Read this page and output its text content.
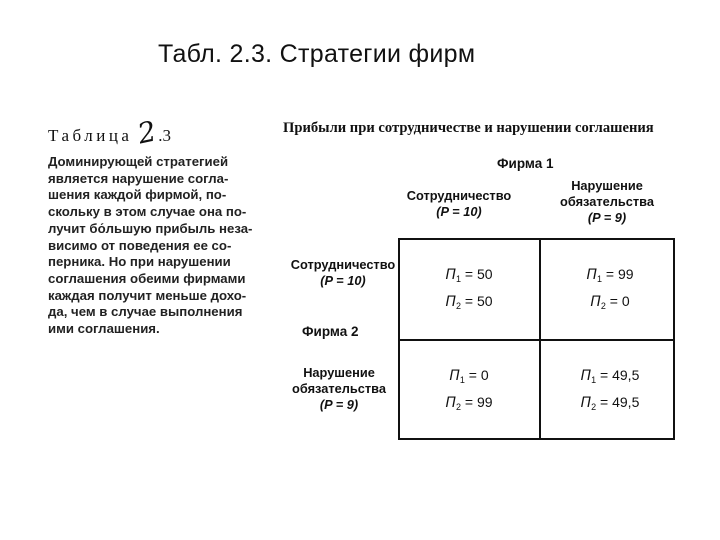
Табл. 2.3. Стратегии фирм
Таблица 2
.3
Доминирующей стратегией
является нарушение согла-
шения каждой фирмой, по-
скольку в этом случае она по-
лучит бо́льшую прибыль неза-
висимо от поведения ее со-
перника. Но при нарушении
соглашения обеими фирмами
каждая получит меньше дохо-
да, чем в случае выполнения
ими соглашения.
Прибыли при сотрудничестве и нарушении соглашения
Фирма 1
Сотрудничество
(P = 10)
Нарушение
обязательства
(P = 9)
Сотрудничество
(P = 10)
Фирма 2
Нарушение
обязательства
(P = 9)
$П_1 = 50$
$П_2 = 50$
$П_1 = 99$
$П_2 = 0$
$П_1 = 0$
$П_2 = 99$
$П_1 = 49,5$
$П_2 = 49,5$
